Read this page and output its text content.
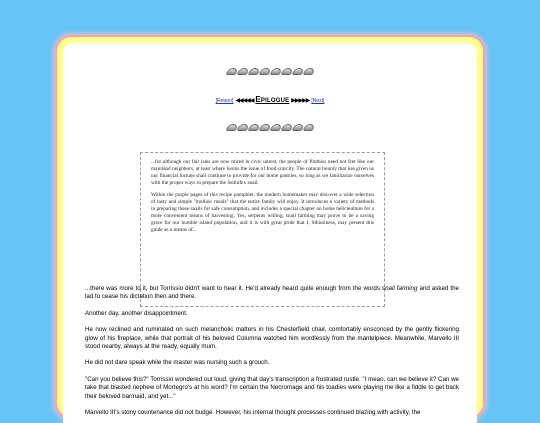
[Return] ◀◀◀◀◀ Epilogue ▶▶▶▶▶ [Next]

...for although our fair isles are now mired in civic unrest, the people of Pluthiss need not fret like our mainland neighbors, at least where looms the issue of food scarcity. The natural bounty that has given us our financial fortune shall continue to provide for our home pantries, so long as we familiarize ourselves with the proper ways to prepare the Sstihifex snail.

Within the purple pages of this recipe pamphlet, the modern homemaker may discover a wide selection of tasty and simple "mollusc meals" that the entire family will enjoy. It introduces a variety of methods in preparing these snails for safe consumption, and includes a special chapter on home helicieulture for a more convenient means of harvesting. Yes, serpents willing, snail farming may prove to be a saving grace for our humble island population, and it is with great pride that I, Sthissiness, may present this guide as a means of...

...there was more to it, but Torrissio didn't want to hear it. He'd already heard quite enough from the words snail farming and asked the lad to cease his dictation then and there.

Another day, another disappointment.

He now reclined and ruminated on such melancholic matters in his Chesterfield chair, comfortably ensconced by the gently flickering glow of his fireplace, while that portrait of his beloved Columna watched him wordlessly from the mantelpiece. Meanwhile, Marvello III stood nearby, always at the ready, equally mum.

He did not dare speak while the master was nursing such a grouch.

"Can you believe this?" Torrissio wondered out loud, giving that day's transcription a frustrated rustle. "I mean, can we believe it? Can we take that blasted nephew of Mortegro's at his word? I'm certain the Necromage and his toadies were playing me like a fiddle to get back their beloved barmaid, and yet..."

Marvello III's stony countenance did not budge. However, his internal thought processes continued blazing with activity, the
